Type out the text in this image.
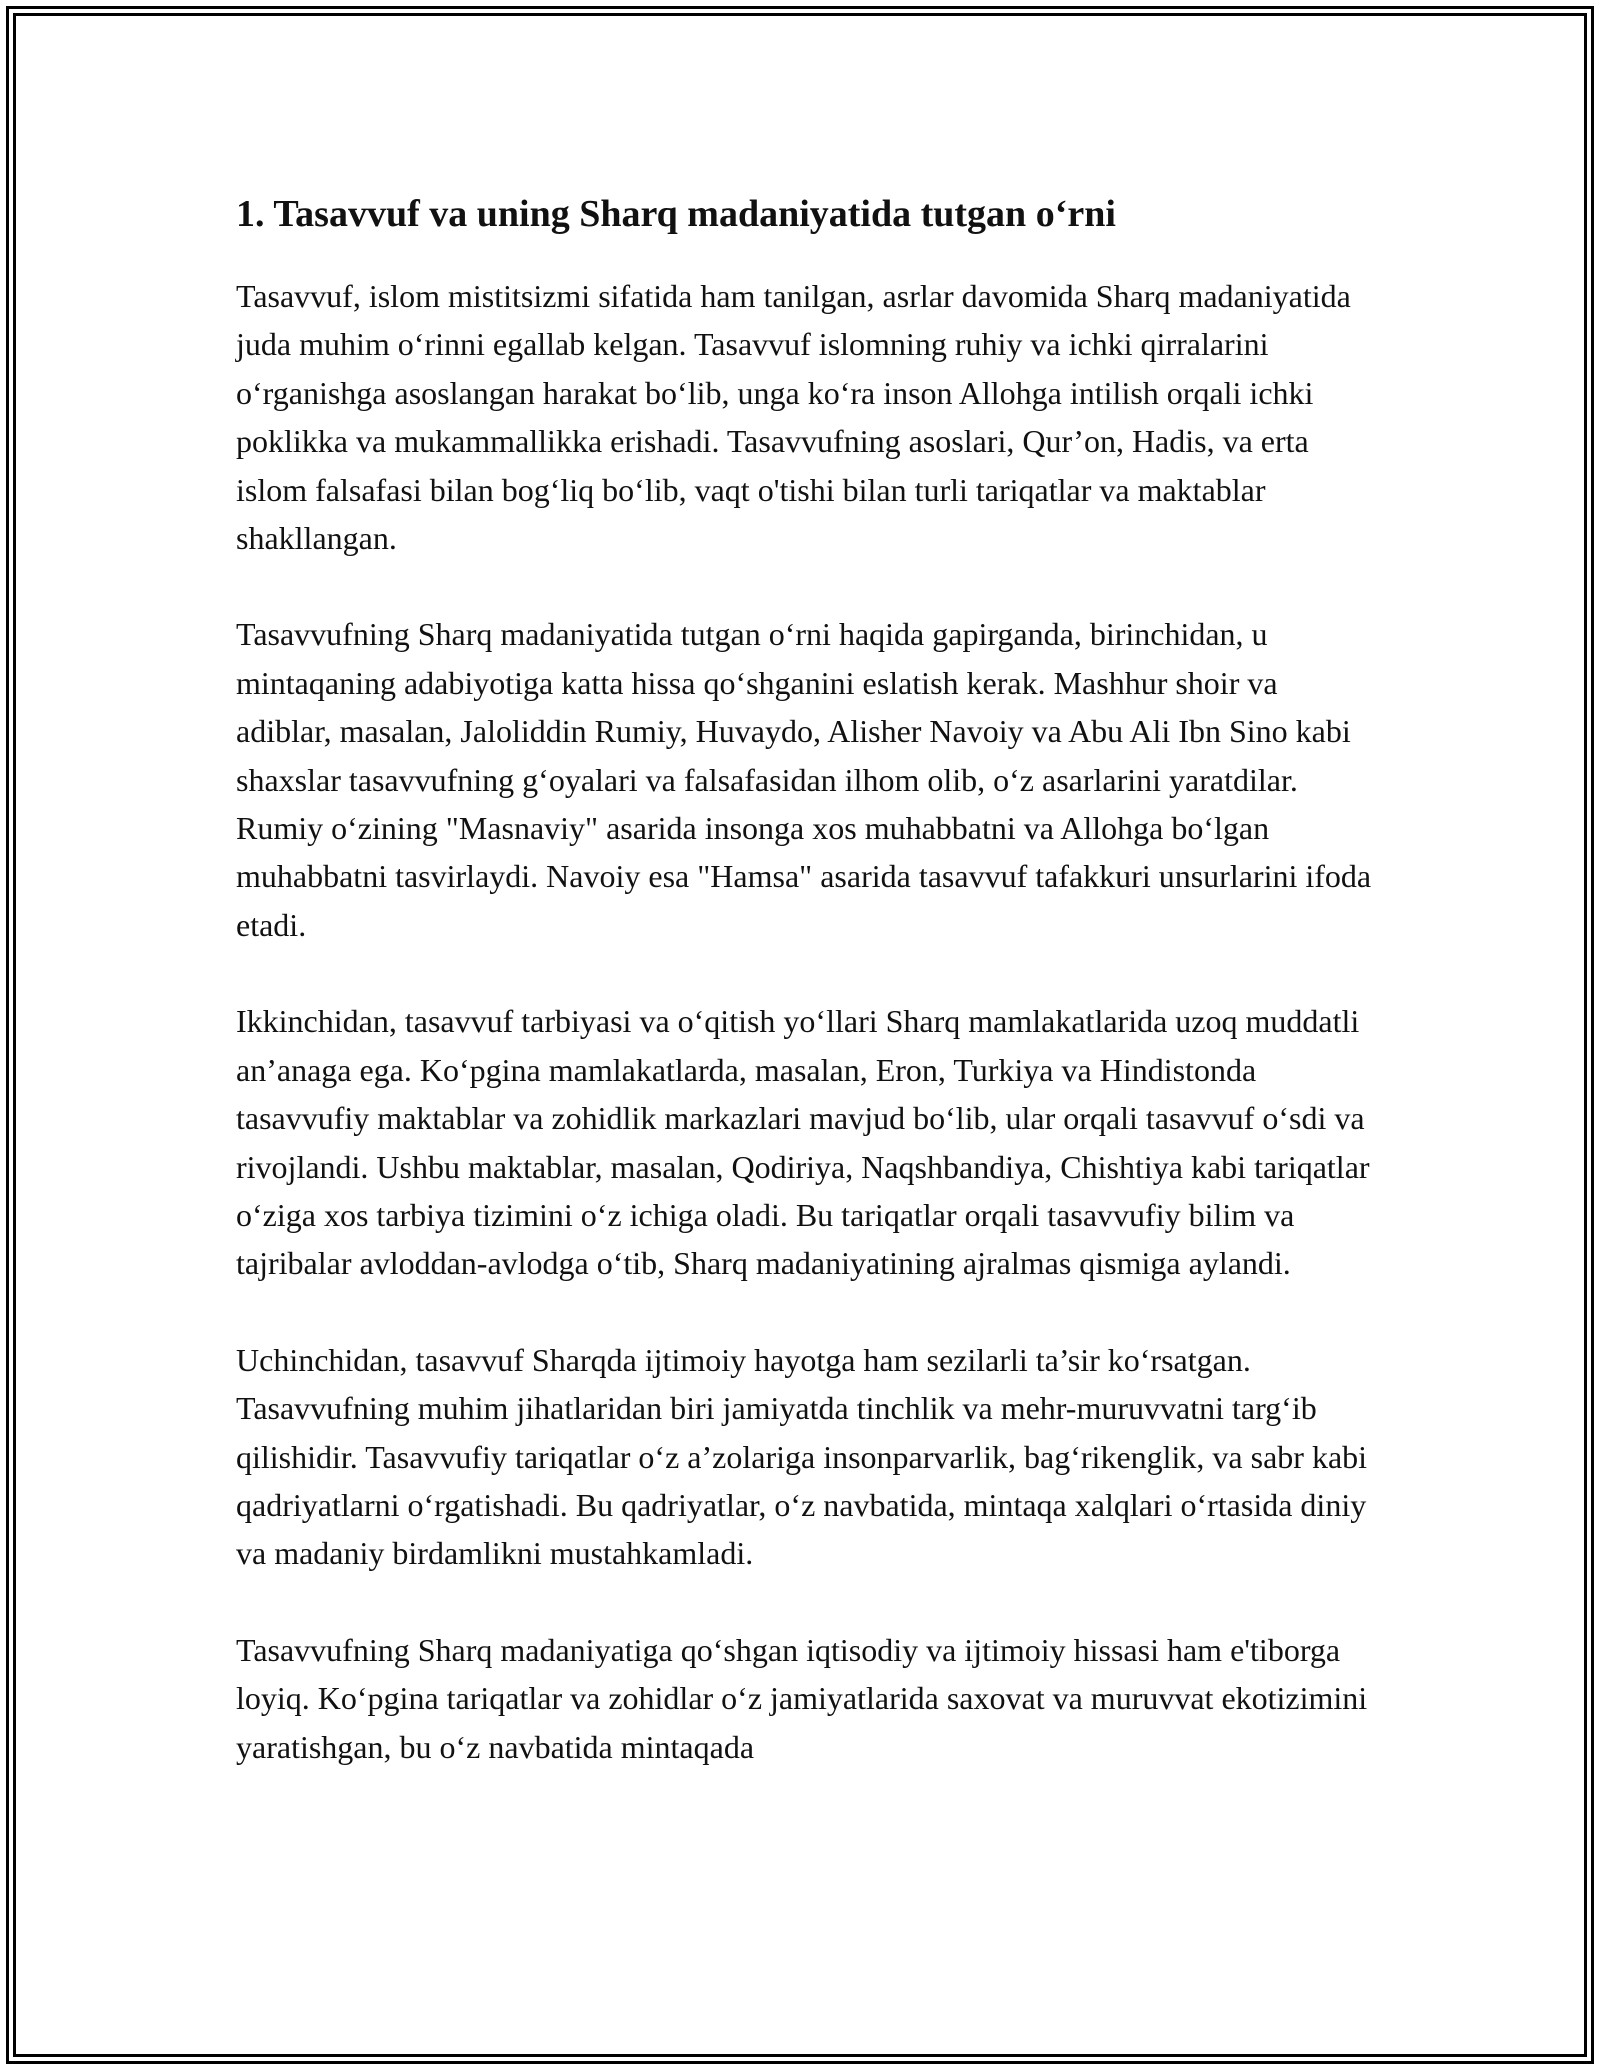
1. Tasavvuf va uning Sharq madaniyatida tutgan o‘rni

Tasavvuf, islom mistitsizmi sifatida ham tanilgan, asrlar davomida Sharq madaniyatida juda muhim o‘rinni egallab kelgan. Tasavvuf islomning ruhiy va ichki qirralarini o‘rganishga asoslangan harakat bo‘lib, unga ko‘ra inson Allohga intilish orqali ichki poklikka va mukammallikka erishadi. Tasavvufning asoslari, Qur’on, Hadis, va erta islom falsafasi bilan bog‘liq bo‘lib, vaqt o'tishi bilan turli tariqatlar va maktablar shakllangan.

Tasavvufning Sharq madaniyatida tutgan o‘rni haqida gapirganda, birinchidan, u mintaqaning adabiyotiga katta hissa qo‘shganini eslatish kerak. Mashhur shoir va adiblar, masalan, Jaloliddin Rumiy, Huvaydo, Alisher Navoiy va Abu Ali Ibn Sino kabi shaxslar tasavvufning g‘oyalari va falsafasidan ilhom olib, o‘z asarlarini yaratdilar. Rumiy o‘zining "Masnaviy" asarida insonga xos muhabbatni va Allohga bo‘lgan muhabbatni tasvirlaydi. Navoiy esa "Hamsa" asarida tasavvuf tafakkuri unsurlarini ifoda etadi.

Ikkinchidan, tasavvuf tarbiyasi va o‘qitish yo‘llari Sharq mamlakatlarida uzoq muddatli an’anaga ega. Ko‘pgina mamlakatlarda, masalan, Eron, Turkiya va Hindistonda tasavvufiy maktablar va zohidlik markazlari mavjud bo‘lib, ular orqali tasavvuf o‘sdi va rivojlandi. Ushbu maktablar, masalan, Qodiriya, Naqshbandiya, Chishtiya kabi tariqatlar o‘ziga xos tarbiya tizimini o‘z ichiga oladi. Bu tariqatlar orqali tasavvufiy bilim va tajribalar avloddan-avlodga o‘tib, Sharq madaniyatining ajralmas qismiga aylandi.

Uchinchidan, tasavvuf Sharqda ijtimoiy hayotga ham sezilarli ta’sir ko‘rsatgan. Tasavvufning muhim jihatlaridan biri jamiyatda tinchlik va mehr-muruvvatni targ‘ib qilishidir. Tasavvufiy tariqatlar o‘z a’zolariga insonparvarlik, bag‘rikenglik, va sabr kabi qadriyatlarni o‘rgatishadi. Bu qadriyatlar, o‘z navbatida, mintaqa xalqlari o‘rtasida diniy va madaniy birdamlikni mustahkamladi.

Tasavvufning Sharq madaniyatiga qo‘shgan iqtisodiy va ijtimoiy hissasi ham e'tiborga loyiq. Ko‘pgina tariqatlar va zohidlar o‘z jamiyatlarida saxovat va muruvvat ekotizimini yaratishgan, bu o‘z navbatida mintaqada
